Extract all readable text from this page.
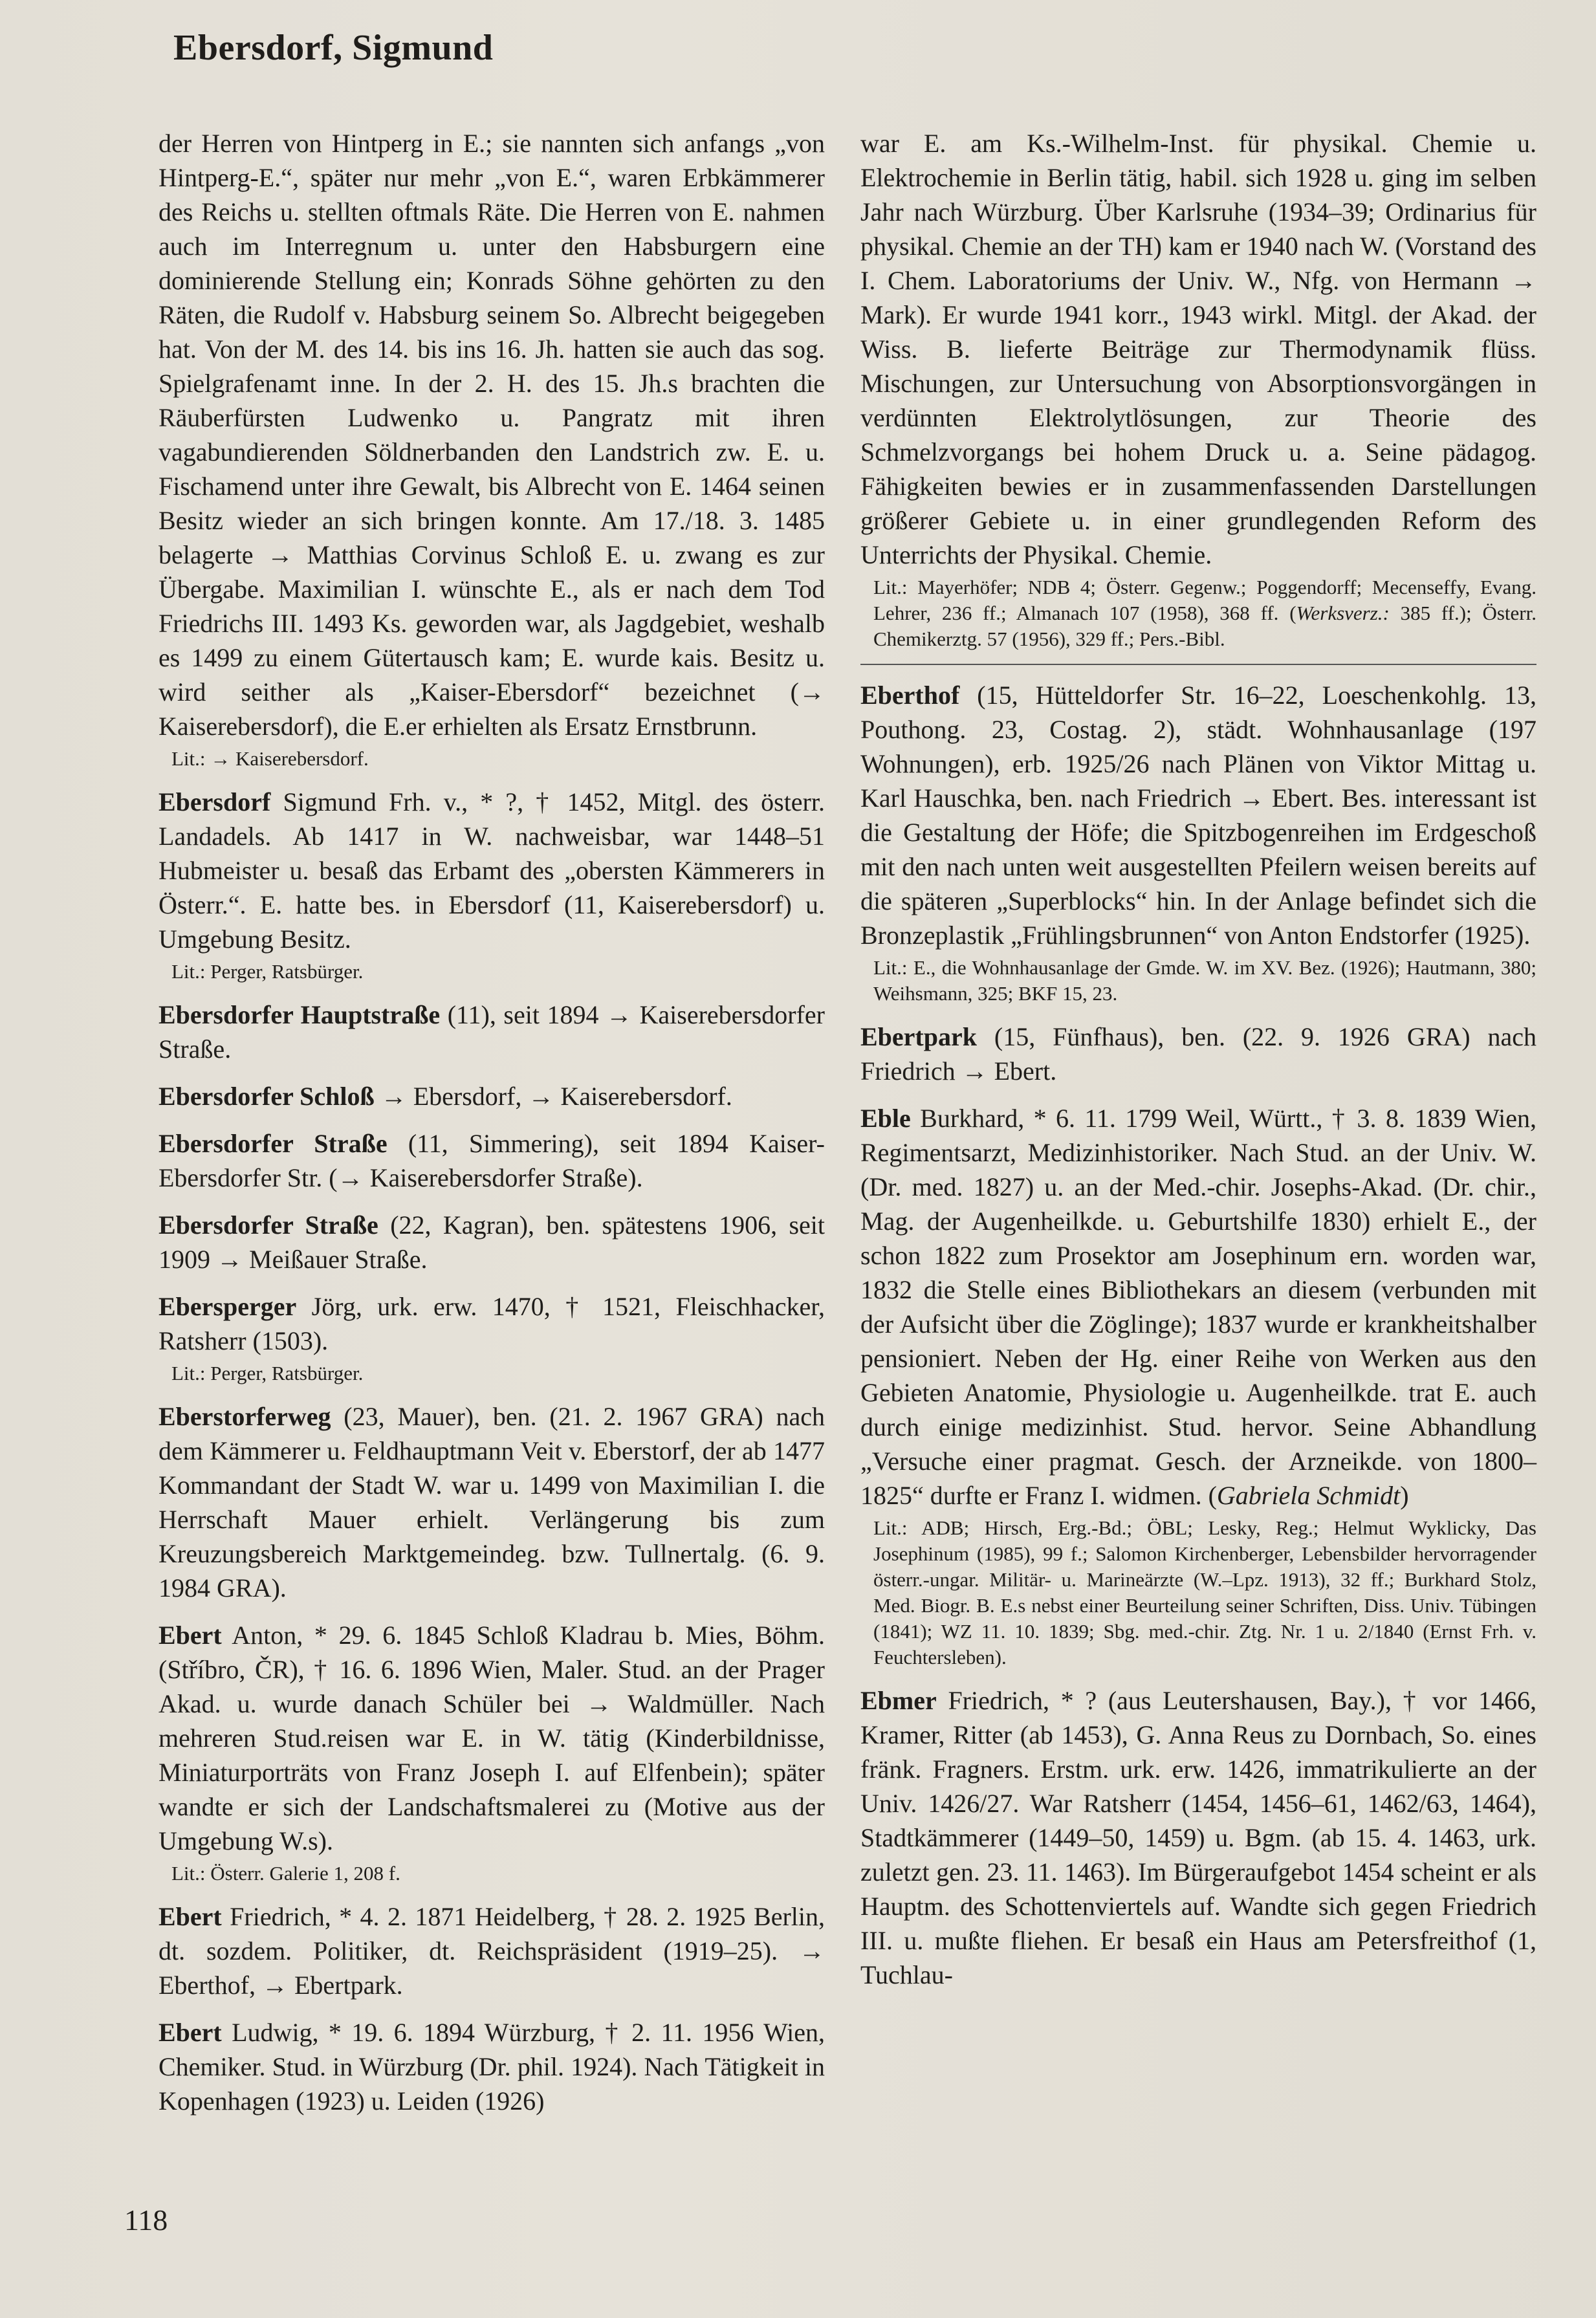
Ebersdorf, Sigmund

der Herren von Hintperg in E.; sie nannten sich anfangs „von Hintperg-E.“, später nur mehr „von E.“, waren Erbkämmerer des Reichs u. stellten oftmals Räte. Die Herren von E. nahmen auch im Interregnum u. unter den Habsburgern eine dominierende Stellung ein; Konrads Söhne gehörten zu den Räten, die Rudolf v. Habsburg seinem So. Albrecht beigegeben hat. Von der M. des 14. bis ins 16. Jh. hatten sie auch das sog. Spielgrafenamt inne. In der 2. H. des 15. Jh.s brachten die Räuberfürsten Ludwenko u. Pangratz mit ihren vagabundierenden Söldnerbanden den Landstrich zw. E. u. Fischamend unter ihre Gewalt, bis Albrecht von E. 1464 seinen Besitz wieder an sich bringen konnte. Am 17./18. 3. 1485 belagerte → Matthias Corvinus Schloß E. u. zwang es zur Übergabe. Maximilian I. wünschte E., als er nach dem Tod Friedrichs III. 1493 Ks. geworden war, als Jagdgebiet, weshalb es 1499 zu einem Gütertausch kam; E. wurde kais. Besitz u. wird seither als „Kaiser-Ebersdorf“ bezeichnet (→ Kaiserebersdorf), die E.er erhielten als Ersatz Ernstbrunn.

Lit.: → Kaiserebersdorf.

Ebersdorf Sigmund Frh. v., * ?, † 1452, Mitgl. des österr. Landadels. Ab 1417 in W. nachweisbar, war 1448–51 Hubmeister u. besaß das Erbamt des „obersten Kämmerers in Österr.“. E. hatte bes. in Ebersdorf (11, Kaiserebersdorf) u. Umgebung Besitz.

Lit.: Perger, Ratsbürger.

Ebersdorfer Hauptstraße (11), seit 1894 → Kaiserebersdorfer Straße.

Ebersdorfer Schloß → Ebersdorf, → Kaiserebersdorf.

Ebersdorfer Straße (11, Simmering), seit 1894 Kaiser-Ebersdorfer Str. (→ Kaiserebersdorfer Straße).

Ebersdorfer Straße (22, Kagran), ben. spätestens 1906, seit 1909 → Meißauer Straße.

Ebersperger Jörg, urk. erw. 1470, † 1521, Fleischhacker, Ratsherr (1503).

Lit.: Perger, Ratsbürger.

Eberstorferweg (23, Mauer), ben. (21. 2. 1967 GRA) nach dem Kämmerer u. Feldhauptmann Veit v. Eberstorf, der ab 1477 Kommandant der Stadt W. war u. 1499 von Maximilian I. die Herrschaft Mauer erhielt. Verlängerung bis zum Kreuzungsbereich Marktgemeindeg. bzw. Tullnertalg. (6. 9. 1984 GRA).

Ebert Anton, * 29. 6. 1845 Schloß Kladrau b. Mies, Böhm. (Stříbro, ČR), † 16. 6. 1896 Wien, Maler. Stud. an der Prager Akad. u. wurde danach Schüler bei → Waldmüller. Nach mehreren Stud.reisen war E. in W. tätig (Kinderbildnisse, Miniaturporträts von Franz Joseph I. auf Elfenbein); später wandte er sich der Landschaftsmalerei zu (Motive aus der Umgebung W.s).

Lit.: Österr. Galerie 1, 208 f.

Ebert Friedrich, * 4. 2. 1871 Heidelberg, † 28. 2. 1925 Berlin, dt. sozdem. Politiker, dt. Reichspräsident (1919–25). → Eberthof, → Ebertpark.

Ebert Ludwig, * 19. 6. 1894 Würzburg, † 2. 11. 1956 Wien, Chemiker. Stud. in Würzburg (Dr. phil. 1924). Nach Tätigkeit in Kopenhagen (1923) u. Leiden (1926)

war E. am Ks.-Wilhelm-Inst. für physikal. Chemie u. Elektrochemie in Berlin tätig, habil. sich 1928 u. ging im selben Jahr nach Würzburg. Über Karlsruhe (1934–39; Ordinarius für physikal. Chemie an der TH) kam er 1940 nach W. (Vorstand des I. Chem. Laboratoriums der Univ. W., Nfg. von Hermann → Mark). Er wurde 1941 korr., 1943 wirkl. Mitgl. der Akad. der Wiss. B. lieferte Beiträge zur Thermodynamik flüss. Mischungen, zur Untersuchung von Absorptionsvorgängen in verdünnten Elektrolytlösungen, zur Theorie des Schmelzvorgangs bei hohem Druck u. a. Seine pädagog. Fähigkeiten bewies er in zusammenfassenden Darstellungen größerer Gebiete u. in einer grundlegenden Reform des Unterrichts der Physikal. Chemie.

Lit.: Mayerhöfer; NDB 4; Österr. Gegenw.; Poggendorff; Mecenseffy, Evang. Lehrer, 236 ff.; Almanach 107 (1958), 368 ff. (Werksverz.: 385 ff.); Österr. Chemikerztg. 57 (1956), 329 ff.; Pers.-Bibl.

Eberthof (15, Hütteldorfer Str. 16–22, Loeschenkohlg. 13, Pouthong. 23, Costag. 2), städt. Wohnhausanlage (197 Wohnungen), erb. 1925/26 nach Plänen von Viktor Mittag u. Karl Hauschka, ben. nach Friedrich → Ebert. Bes. interessant ist die Gestaltung der Höfe; die Spitzbogenreihen im Erdgeschoß mit den nach unten weit ausgestellten Pfeilern weisen bereits auf die späteren „Superblocks“ hin. In der Anlage befindet sich die Bronzeplastik „Frühlingsbrunnen“ von Anton Endstorfer (1925).

Lit.: E., die Wohnhausanlage der Gmde. W. im XV. Bez. (1926); Hautmann, 380; Weihsmann, 325; BKF 15, 23.

Ebertpark (15, Fünfhaus), ben. (22. 9. 1926 GRA) nach Friedrich → Ebert.

Eble Burkhard, * 6. 11. 1799 Weil, Württ., † 3. 8. 1839 Wien, Regimentsarzt, Medizinhistoriker. Nach Stud. an der Univ. W. (Dr. med. 1827) u. an der Med.-chir. Josephs-Akad. (Dr. chir., Mag. der Augenheilkde. u. Geburtshilfe 1830) erhielt E., der schon 1822 zum Prosektor am Josephinum ern. worden war, 1832 die Stelle eines Bibliothekars an diesem (verbunden mit der Aufsicht über die Zöglinge); 1837 wurde er krankheitshalber pensioniert. Neben der Hg. einer Reihe von Werken aus den Gebieten Anatomie, Physiologie u. Augenheilkde. trat E. auch durch einige medizinhist. Stud. hervor. Seine Abhandlung „Versuche einer pragmat. Gesch. der Arzneikde. von 1800–1825“ durfte er Franz I. widmen. (Gabriela Schmidt)

Lit.: ADB; Hirsch, Erg.-Bd.; ÖBL; Lesky, Reg.; Helmut Wyklicky, Das Josephinum (1985), 99 f.; Salomon Kirchenberger, Lebensbilder hervorragender österr.-ungar. Militär- u. Marineärzte (W.–Lpz. 1913), 32 ff.; Burkhard Stolz, Med. Biogr. B. E.s nebst einer Beurteilung seiner Schriften, Diss. Univ. Tübingen (1841); WZ 11. 10. 1839; Sbg. med.-chir. Ztg. Nr. 1 u. 2/1840 (Ernst Frh. v. Feuchtersleben).

Ebmer Friedrich, * ? (aus Leutershausen, Bay.), † vor 1466, Kramer, Ritter (ab 1453), G. Anna Reus zu Dornbach, So. eines fränk. Fragners. Erstm. urk. erw. 1426, immatrikulierte an der Univ. 1426/27. War Ratsherr (1454, 1456–61, 1462/63, 1464), Stadtkämmerer (1449–50, 1459) u. Bgm. (ab 15. 4. 1463, urk. zuletzt gen. 23. 11. 1463). Im Bürgeraufgebot 1454 scheint er als Hauptm. des Schottenviertels auf. Wandte sich gegen Friedrich III. u. mußte fliehen. Er besaß ein Haus am Petersfreithof (1, Tuchlau-

118
